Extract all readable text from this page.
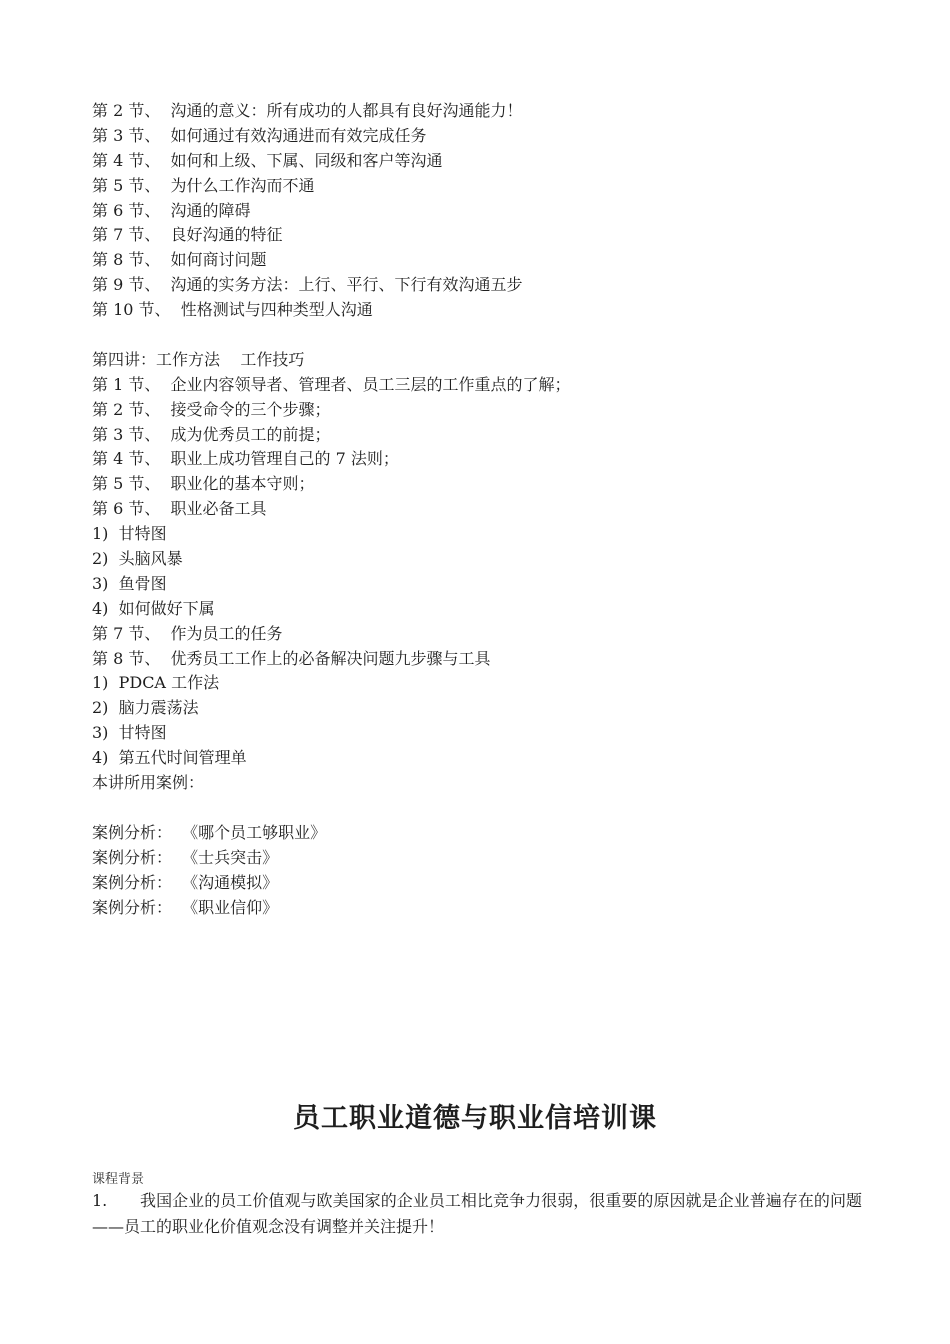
第 2 节、  沟通的意义：所有成功的人都具有良好沟通能力！
第 3 节、  如何通过有效沟通进而有效完成任务
第 4 节、  如何和上级、下属、同级和客户等沟通
第 5 节、  为什么工作沟而不通
第 6 节、  沟通的障碍
第 7 节、  良好沟通的特征
第 8 节、  如何商讨问题
第 9 节、  沟通的实务方法：上行、平行、下行有效沟通五步
第 10 节、  性格测试与四种类型人沟通
第四讲：工作方法    工作技巧
第 1 节、  企业内容领导者、管理者、员工三层的工作重点的了解；
第 2 节、  接受命令的三个步骤；
第 3 节、  成为优秀员工的前提；
第 4 节、  职业上成功管理自己的 7 法则；
第 5 节、  职业化的基本守则；
第 6 节、  职业必备工具
1)  甘特图
2)  头脑风暴
3)  鱼骨图
4)  如何做好下属
第 7 节、  作为员工的任务
第 8 节、  优秀员工工作上的必备解决问题九步骤与工具
1)  PDCA 工作法
2)  脑力震荡法
3)  甘特图
4)  第五代时间管理单
本讲所用案例：
案例分析：  《哪个员工够职业》
案例分析：  《士兵突击》
案例分析：  《沟通模拟》
案例分析：  《职业信仰》
员工职业道德与职业信培训课
课程背景
1. 我国企业的员工价值观与欧美国家的企业员工相比竞争力很弱，很重要的原因就是企业普遍存在的问题——员工的职业化价值观念没有调整并关注提升！
